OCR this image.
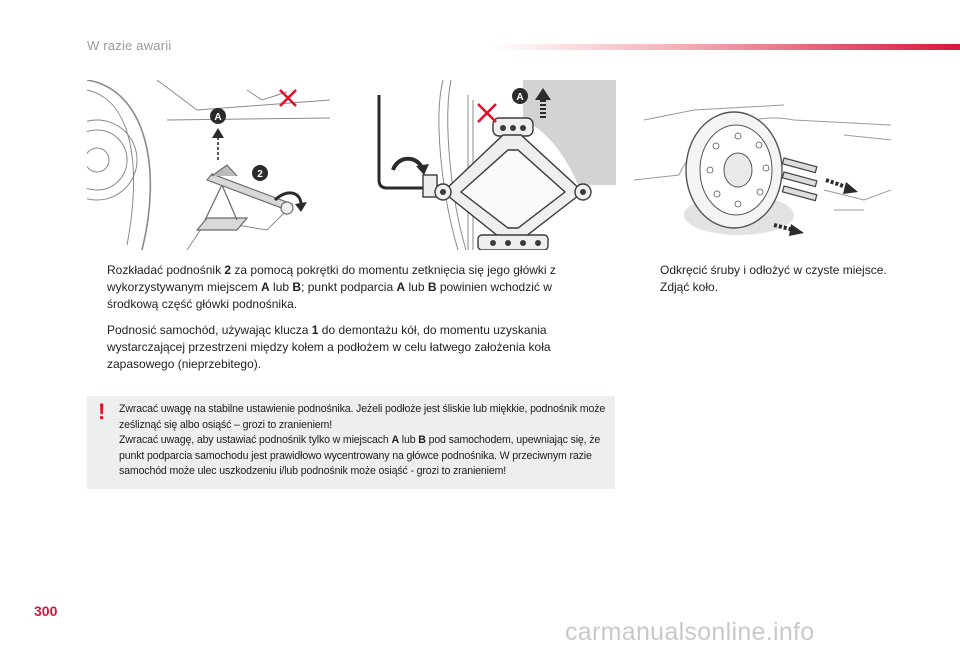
W razie awarii
A
2
A
Rozkładać podnośnik 2 za pomocą pokrętki do momentu zetknięcia się jego główki z wykorzystywanym miejscem A lub B; punkt podparcia A lub B powinien wchodzić w środkową część główki podnośnika.
Podnosić samochód, używając klucza 1 do demontażu kół, do momentu uzyskania wystarczającej przestrzeni między kołem a podłożem w celu łatwego założenia koła zapasowego (nieprzebitego).
Odkręcić śruby i odłożyć w czyste miejsce.
Zdjąć koło.
! Zwracać uwagę na stabilne ustawienie podnośnika. Jeżeli podłoże jest śliskie lub miękkie, podnośnik może ześliznąć się albo osiąść – grozi to zranieniem!
Zwracać uwagę, aby ustawiać podnośnik tylko w miejscach A lub B pod samochodem, upewniając się, że punkt podparcia samochodu jest prawidłowo wycentrowany na główce podnośnika. W przeciwnym razie samochód może ulec uszkodzeniu i/lub podnośnik może osiąść - grozi to zranieniem!
300
carmanualsonline.info
